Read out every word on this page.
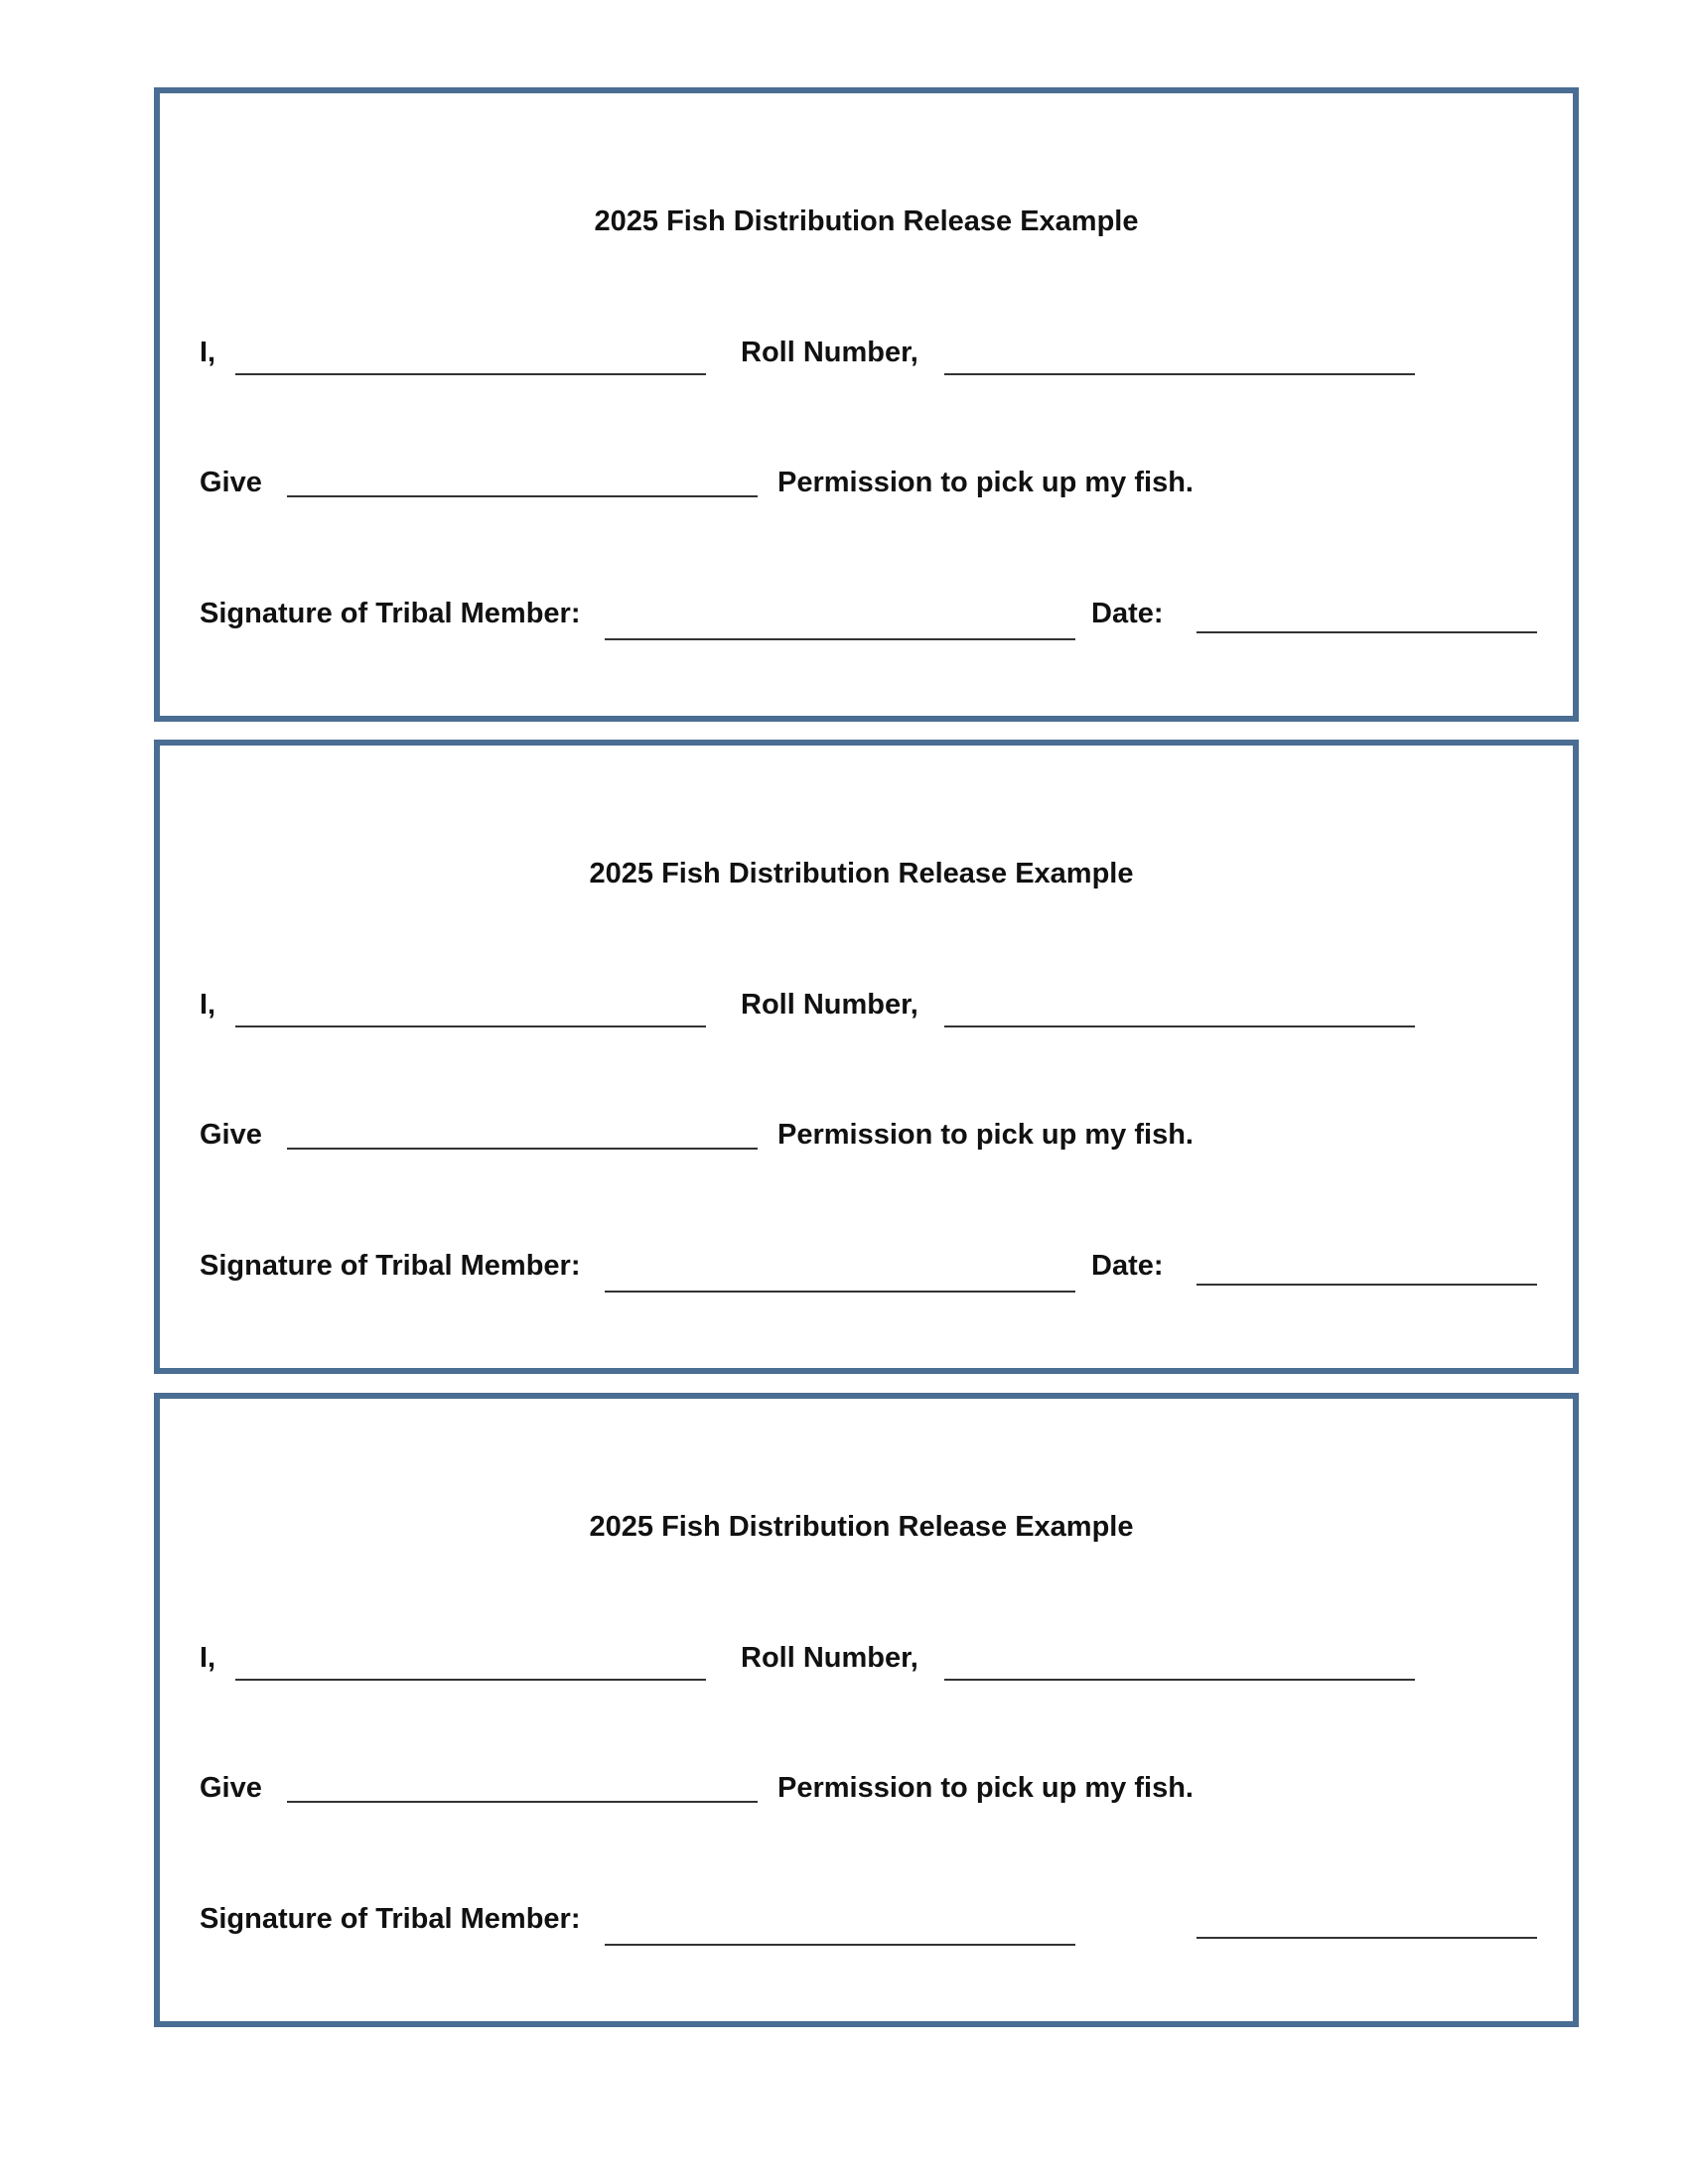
2025 Fish Distribution Release Example
I,	Roll Number,
Give	Permission to pick up my fish.
Signature of Tribal Member:	Date:
2025 Fish Distribution Release Example
I,	Roll Number,
Give	Permission to pick up my fish.
Signature of Tribal Member:	Date:
2025 Fish Distribution Release Example
I,	Roll Number,
Give	Permission to pick up my fish.
Signature of Tribal Member:
